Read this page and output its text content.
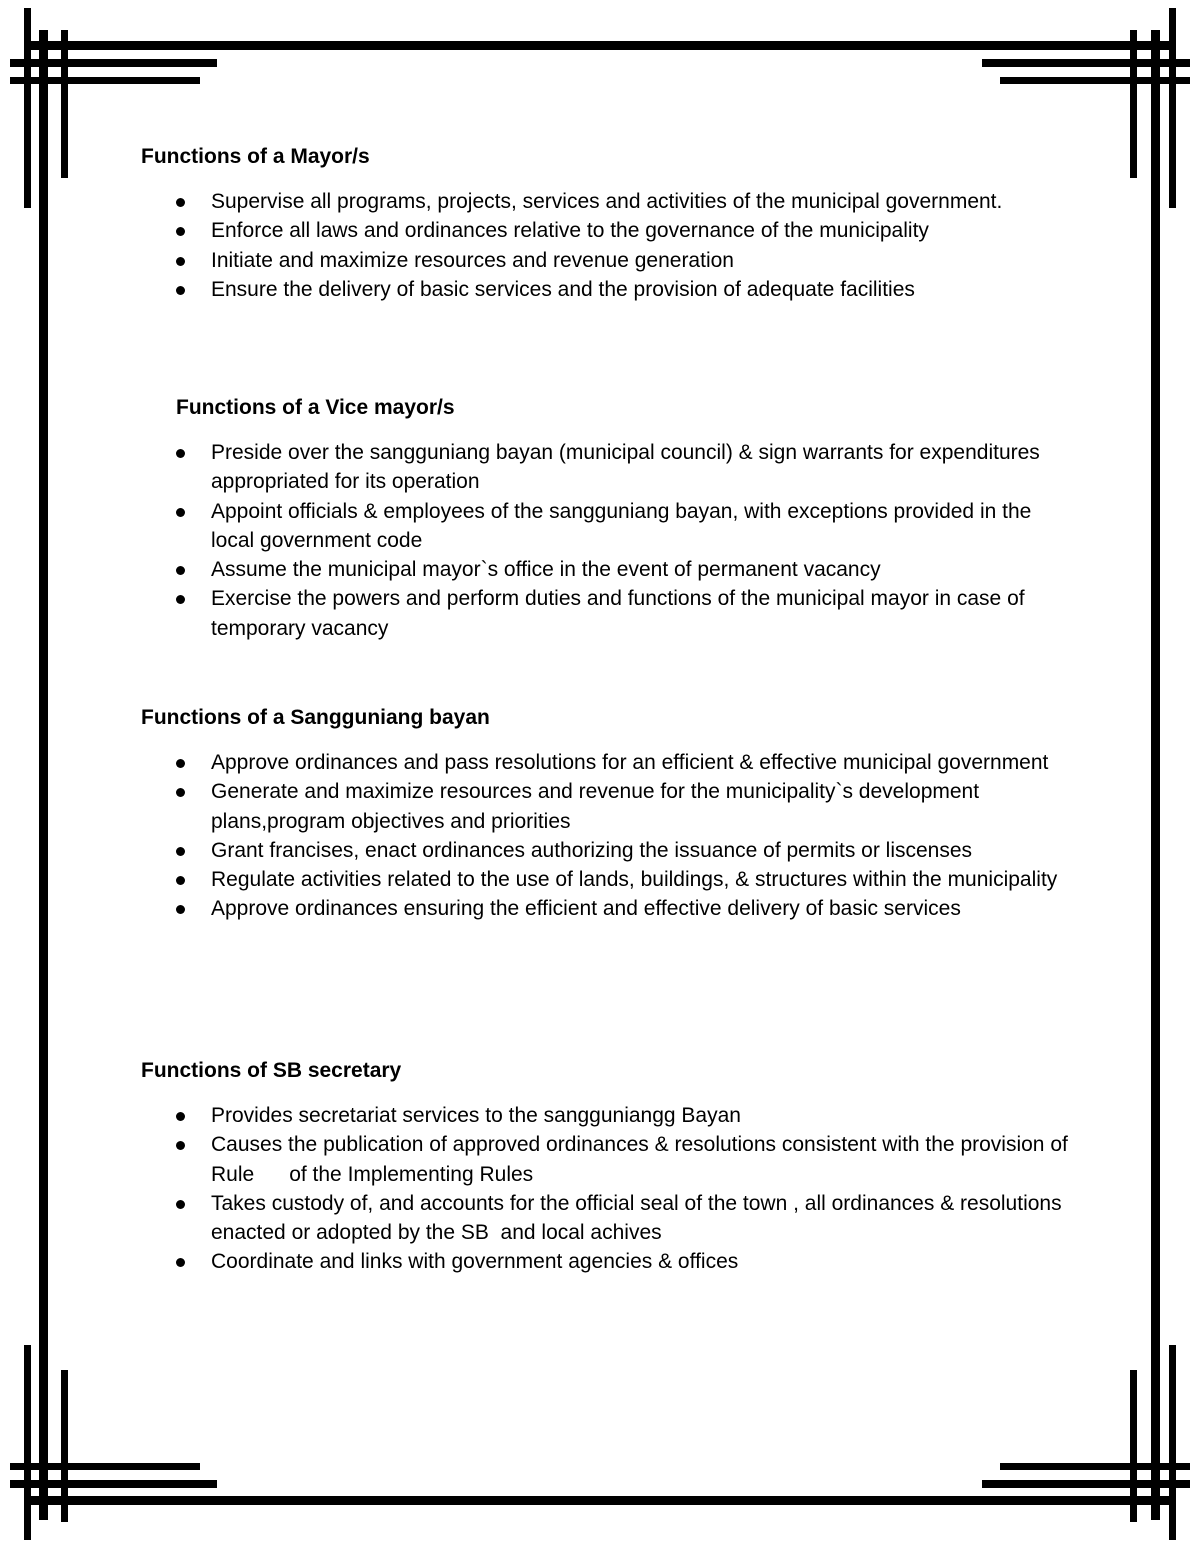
Functions of a Mayor/s
Supervise all programs, projects, services and activities of the municipal government.
Enforce all laws and ordinances relative to the governance of the municipality
Initiate and maximize resources and revenue generation
Ensure the delivery of basic services and the provision of adequate facilities
Functions of a Vice mayor/s
Preside over the sangguniang bayan (municipal council) & sign warrants for expenditures appropriated for its operation
Appoint officials & employees of the sangguniang bayan, with exceptions provided in the local government code
Assume the municipal mayor`s office in the event of permanent vacancy
Exercise the powers and perform duties and functions of the municipal mayor in case of temporary vacancy
Functions of a Sangguniang bayan
Approve ordinances and pass resolutions for an efficient & effective municipal government
Generate and maximize resources and revenue for the municipality`s development plans,program objectives and priorities
Grant francises, enact ordinances authorizing the issuance of permits or liscenses
Regulate activities related to the use of lands, buildings, & structures within the municipality
Approve ordinances ensuring the efficient and effective delivery of basic services
Functions of SB secretary
Provides secretariat services to the sangguniangg Bayan
Causes the publication of approved ordinances & resolutions consistent with the provision of Rule      of the Implementing Rules
Takes custody of, and accounts for the official seal of the town , all ordinances & resolutions enacted or adopted by the SB  and local achives
Coordinate and links with government agencies & offices
